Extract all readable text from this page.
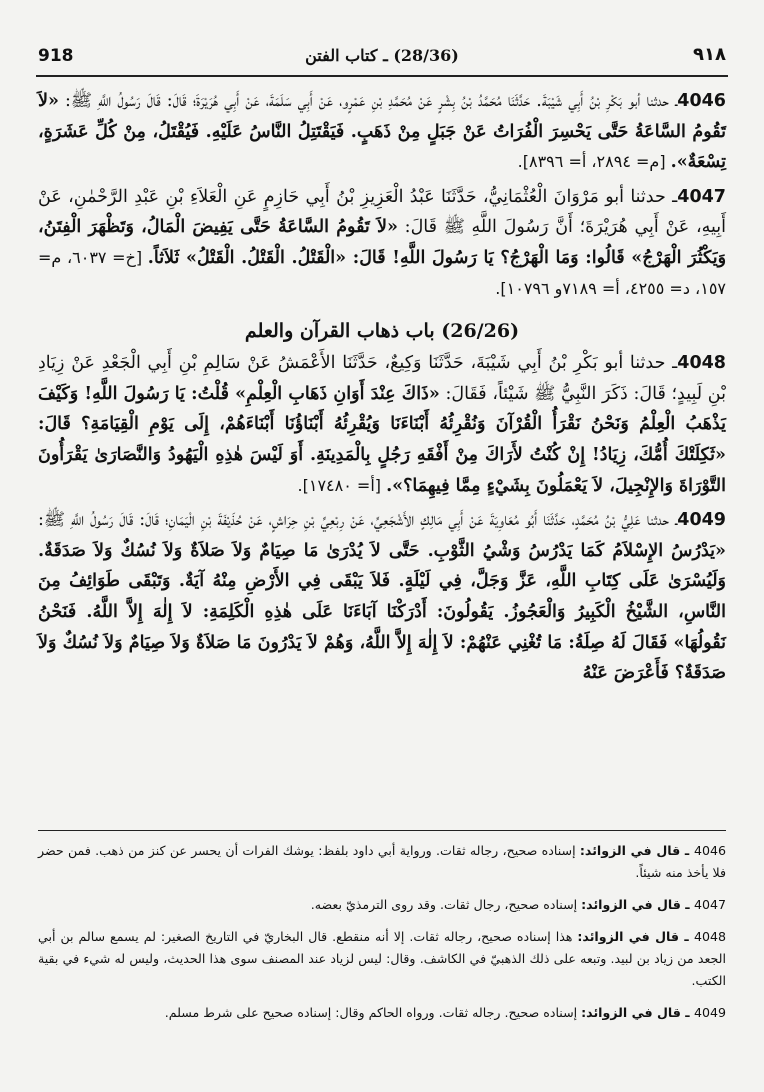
918	(28/36) ـ كتاب الفتن	٩١٨

4046ـ حدثنا أبو بَكْرِ بْنُ أَبِي شَيْبَةَ. حَدَّثَنَا مُحَمَّدُ بْنُ بِشْرٍ عَنْ مُحَمَّدِ بْنِ عَمْرٍو، عَنْ أَبِي سَلَمَةَ، عَنْ أَبِي هُرَيْرَةَ؛ قَالَ: قَالَ رَسُولُ اللَّهِ ﷺ: «لاَ تَقُومُ السَّاعَةُ حَتَّى يَحْسِرَ الْفُرَاتُ عَنْ جَبَلٍ مِنْ ذَهَبٍ. فَيَقْتَتِلُ النَّاسُ عَلَيْهِ. فَيُقْتَلُ، مِنْ كُلِّ عَشَرَةٍ، تِسْعَةٌ». [م= ٢٨٩٤، أ= ٨٣٩٦].

4047ـ حدثنا أبو مَرْوَانَ الْعُثْمَانِيُّ، حَدَّثَنَا عَبْدُ الْعَزِيزِ بْنُ أَبِي حَازِمٍ عَنِ الْعَلاَءِ بْنِ عَبْدِ الرَّحْمٰنِ، عَنْ أَبِيهِ، عَنْ أَبِي هُرَيْرَةَ؛ أَنَّ رَسُولَ اللَّهِ ﷺ قَالَ: «لاَ تَقُومُ السَّاعَةُ حَتَّى يَفِيضَ الْمَالُ، وَتَظْهَرَ الْفِتَنُ، وَيَكْثُرَ الْهَرْجُ» قَالُوا: وَمَا الْهَرْجُ؟ يَا رَسُولَ اللَّهِ! قَالَ: «الْقَتْلُ. الْقَتْلُ. الْقَتْلُ» ثَلاَثاً. [خ= ٦٠٣٧، م= ١٥٧، د= ٤٢٥٥، أ= ٧١٨٩و ١٠٧٩٦].

(26/26) باب ذهاب القرآن والعلم

4048ـ حدثنا أبو بَكْرِ بْنُ أَبِي شَيْبَةَ، حَدَّثَنَا وَكِيعٌ، حَدَّثَنَا الأَعْمَشُ عَنْ سَالِمِ بْنِ أَبِي الْجَعْدِ عَنْ زِيَادِ بْنِ لَبِيدٍ؛ قَالَ: ذَكَرَ النَّبِيُّ ﷺ شَيْئاً، فَقَالَ: «ذَاكَ عِنْدَ أَوَانِ ذَهَابِ الْعِلْمِ» قُلْتُ: يَا رَسُولَ اللَّهِ! وَكَيْفَ يَذْهَبُ الْعِلْمُ وَنَحْنُ نَقْرَأُ الْقُرْآنَ وَنُقْرِئُهُ أَبْنَاءَنَا وَيُقْرِئُهُ أَبْنَاؤُنَا أَبْنَاءَهُمْ، إِلَى يَوْمِ الْقِيَامَةِ؟ قَالَ: «ثَكِلَتْكَ أُمُّكَ، زِيَادُ! إِنْ كُنْتُ لأَرَاكَ مِنْ أَفْقَهِ رَجُلٍ بِالْمَدِينَةِ. أَوَ لَيْسَ هٰذِهِ الْيَهُودُ وَالنَّصَارَىٰ يَقْرَأُونَ التَّوْرَاةَ وَالإِنْجِيلَ، لاَ يَعْمَلُونَ بِشَيْءٍ مِمَّا فِيهِمَا؟». [أ= ١٧٤٨٠].

4049ـ حدثنا عَلِيُّ بْنُ مُحَمَّدٍ، حَدَّثَنَا أَبُو مُعَاوِيَةَ عَنْ أَبِي مَالِكٍ الأَشْجَعِيِّ، عَنْ رِبْعِيِّ بْنِ حِرَاشٍ، عَنْ حُذَيْفَةَ بْنِ الْيَمَانِ؛ قَالَ: قَالَ رَسُولُ اللَّهِ ﷺ: «يَدْرُسُ الإِسْلاَمُ كَمَا يَدْرُسُ وَشْيُ الثَّوْبِ. حَتَّى لاَ يُدْرَىٰ مَا صِيَامٌ وَلاَ صَلاَةٌ وَلاَ نُسُكٌ وَلاَ صَدَقَةٌ. وَلَيُسْرَىٰ عَلَى كِتَابِ اللَّهِ، عَزَّ وَجَلَّ، فِي لَيْلَةٍ. فَلاَ يَبْقَى فِي الأَرْضِ مِنْهُ آيَةٌ. وَتَبْقَى طَوَائِفُ مِنَ النَّاسِ، الشَّيْخُ الْكَبِيرُ وَالْعَجُوزُ. يَقُولُونَ: أَدْرَكْنَا آبَاءَنَا عَلَى هٰذِهِ الْكَلِمَةِ: لاَ إِلٰهَ إِلاَّ اللَّهُ. فَنَحْنُ نَقُولُهَا» فَقَالَ لَهُ صِلَةُ: مَا تُغْنِي عَنْهُمْ: لاَ إِلٰهَ إِلاَّ اللَّهُ، وَهُمْ لاَ يَدْرُونَ مَا صَلاَةٌ وَلاَ صِيَامٌ وَلاَ نُسُكٌ وَلاَ صَدَقَةٌ؟ فَأَعْرَضَ عَنْهُ

4046 ـ قال في الزوائد: إسناده صحيح، رجاله ثقات. ورواية أبي داود بلفظ: يوشك الفرات أن يحسر عن كنز من ذهب. فمن حضر فلا يأخذ منه شيئاً.

4047 ـ قال في الزوائد: إسناده صحيح، رجال ثقات. وقد روى الترمذيّ بعضه.

4048 ـ قال في الزوائد: هذا إسناده صحيح، رجاله ثقات. إلا أنه منقطع. قال البخاريّ في التاريخ الصغير: لم يسمع سالم بن أبي الجعد من زياد بن لبيد. وتبعه على ذلك الذهبيّ في الكاشف. وقال: ليس لزياد عند المصنف سوى هذا الحديث، وليس له شيء في بقية الكتب.

4049 ـ قال في الزوائد: إسناده صحيح. رجاله ثقات. ورواه الحاكم وقال: إسناده صحيح على شرط مسلم.
